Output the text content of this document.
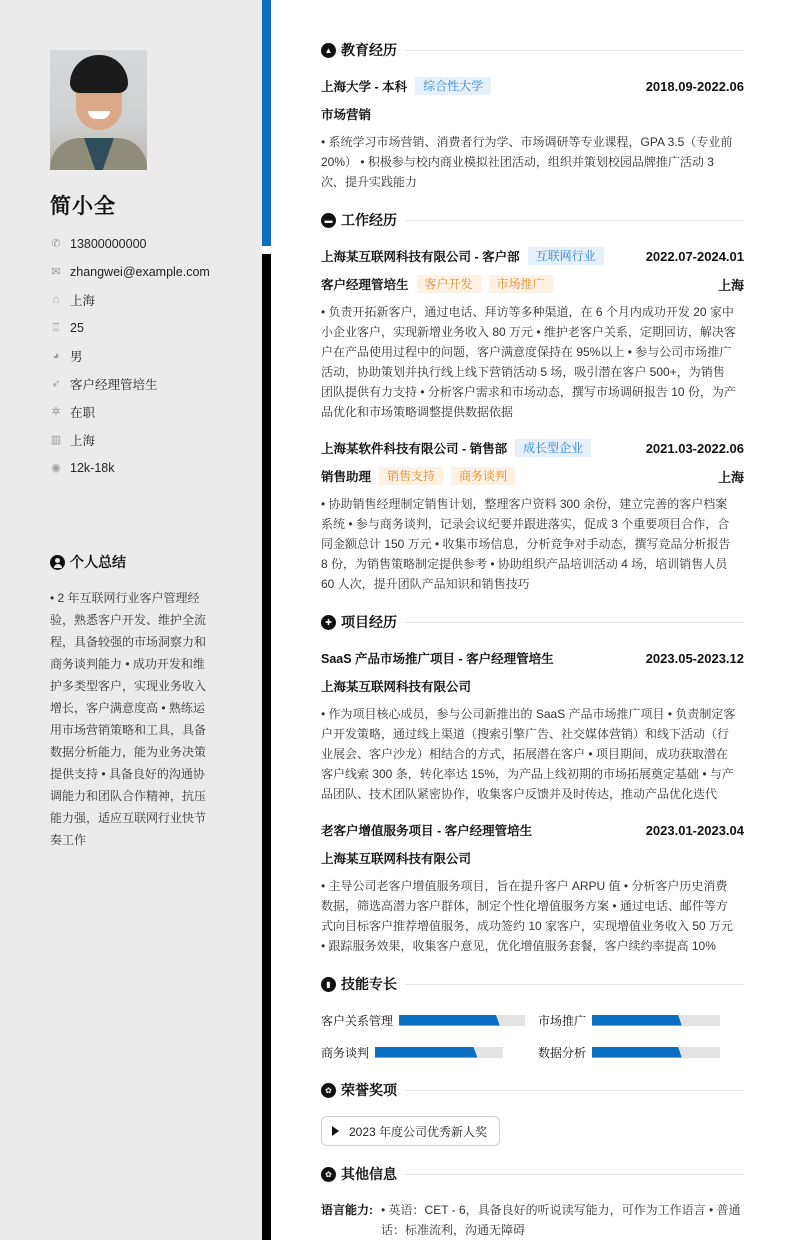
简小全
✆ 13800000000
✉ zhangwei@example.com
⌂ 上海
♖ 25
◕ 男
➶ 客户经理管培生
✲ 在职
▥ 上海
◉ 12k-18k
个人总结
• 2 年互联网行业客户管理经验，熟悉客户开发、维护全流程，具备较强的市场洞察力和商务谈判能力 • 成功开发和维护多类型客户，实现业务收入增长，客户满意度高 • 熟练运用市场营销策略和工具，具备数据分析能力，能为业务决策提供支持 • 具备良好的沟通协调能力和团队合作精神，抗压能力强，适应互联网行业快节奏工作
▲ 教育经历
上海大学 - 本科	综合性大学	2018.09-2022.06
市场营销
• 系统学习市场营销、消费者行为学、市场调研等专业课程，GPA 3.5（专业前 20%） • 积极参与校内商业模拟社团活动，组织并策划校园品牌推广活动 3 次，提升实践能力
▬ 工作经历
上海某互联网科技有限公司 - 客户部	互联网行业	2022.07-2024.01
客户经理管培生	客户开发	市场推广	上海
• 负责开拓新客户，通过电话、拜访等多种渠道，在 6 个月内成功开发 20 家中小企业客户，实现新增业务收入 80 万元 • 维护老客户关系，定期回访，解决客户在产品使用过程中的问题，客户满意度保持在 95%以上 • 参与公司市场推广活动，协助策划并执行线上线下营销活动 5 场，吸引潜在客户 500+，为销售团队提供有力支持 • 分析客户需求和市场动态，撰写市场调研报告 10 份，为产品优化和市场策略调整提供数据依据
上海某软件科技有限公司 - 销售部	成长型企业	2021.03-2022.06
销售助理	销售支持	商务谈判	上海
• 协助销售经理制定销售计划，整理客户资料 300 余份，建立完善的客户档案系统 • 参与商务谈判，记录会议纪要并跟进落实，促成 3 个重要项目合作，合同金额总计 150 万元 • 收集市场信息，分析竞争对手动态，撰写竞品分析报告 8 份，为销售策略制定提供参考 • 协助组织产品培训活动 4 场，培训销售人员 60 人次，提升团队产品知识和销售技巧
✚ 项目经历
SaaS 产品市场推广项目 - 客户经理管培生	2023.05-2023.12
上海某互联网科技有限公司
• 作为项目核心成员，参与公司新推出的 SaaS 产品市场推广项目 • 负责制定客户开发策略，通过线上渠道（搜索引擎广告、社交媒体营销）和线下活动（行业展会、客户沙龙）相结合的方式，拓展潜在客户 • 项目期间，成功获取潜在客户线索 300 条，转化率达 15%，为产品上线初期的市场拓展奠定基础 • 与产品团队、技术团队紧密协作，收集客户反馈并及时传达，推动产品优化迭代
老客户增值服务项目 - 客户经理管培生	2023.01-2023.04
上海某互联网科技有限公司
• 主导公司老客户增值服务项目，旨在提升客户 ARPU 值 • 分析客户历史消费数据，筛选高潜力客户群体，制定个性化增值服务方案 • 通过电话、邮件等方式向目标客户推荐增值服务，成功签约 10 家客户，实现增值业务收入 50 万元 • 跟踪服务效果，收集客户意见，优化增值服务套餐，客户续约率提高 10%
▮ 技能专长
客户关系管理	市场推广
商务谈判	数据分析
✿ 荣誉奖项
2023 年度公司优秀新人奖
✿ 其他信息
语言能力: • 英语：CET - 6，具备良好的听说读写能力，可作为工作语言 • 普通话：标准流利，沟通无障碍
